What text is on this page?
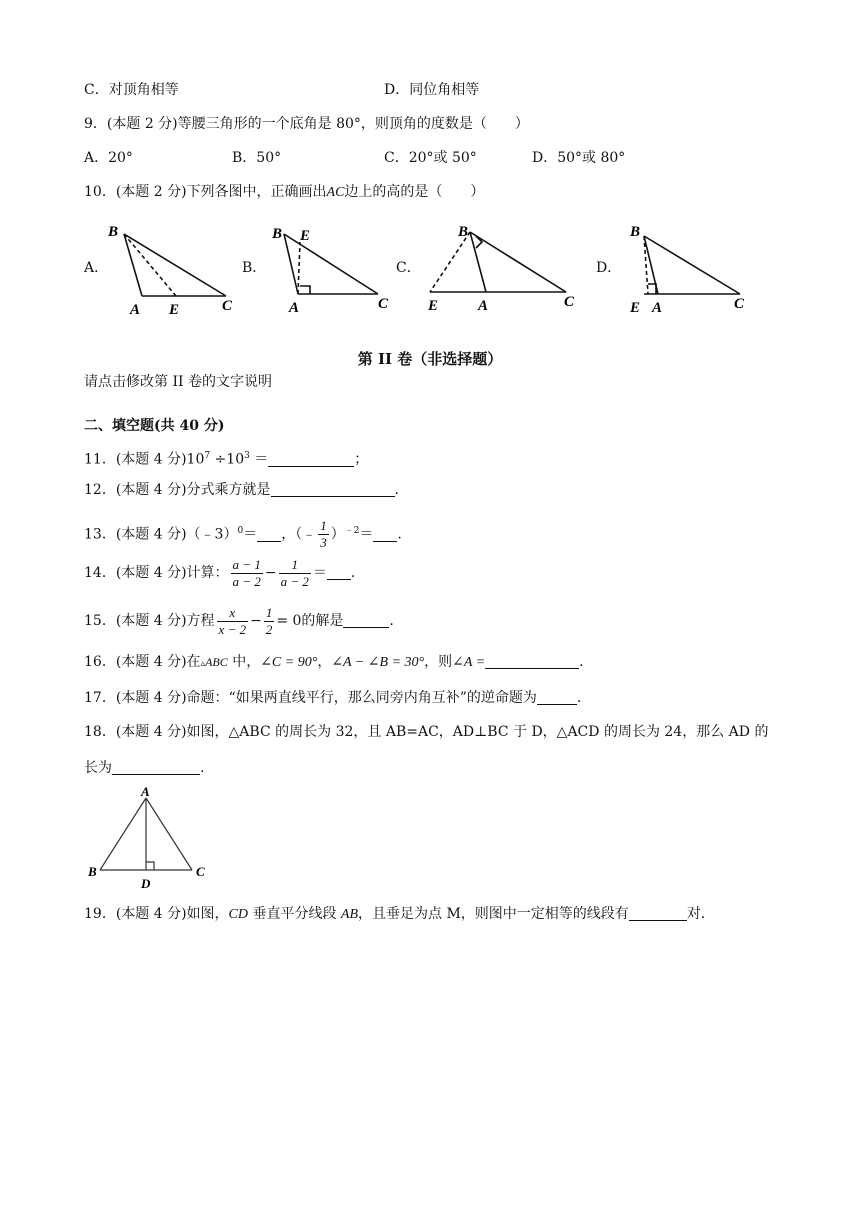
C．对顶角相等	D．同位角相等
9．(本题 2 分)等腰三角形的一个底角是 80°，则顶角的度数是（　　）
A．20°	B．50°	C．20°或 50°	D．50°或 80°
10．(本题 2 分)下列各图中，正确画出AC边上的高的是（　　）
A．	B．	C．	D．
B
A E	C
B E
A	C
B
E	A	C
B
E A	C
第 II 卷（非选择题）
请点击修改第 II 卷的文字说明
二、填空题(共 40 分)
11．(本题 4 分)$10^7 \div 10^3$ ＝	；
12．(本题 4 分)分式乘方就是	.
13．(本题 4 分)（﹣3）$^0$＝ ，（﹣ $\frac{1}{3} )^{﹣2}=$ .
14．(本题 4 分)计算： $\frac{a - 1}{a - 2} - \frac{1}{a - 2}$ ＝ .
15．(本题 4 分)方程 $\frac{x}{x - 2} - \frac{1}{2} = 0$的解是	.
16．(本题 4 分)在▵ABC 中，∠C = 90°，∠A − ∠B = 30°，则∠A =	.
17．(本题 4 分)命题：“如果两直线平行，那么同旁内角互补”的逆命题为	.
18．(本题 4 分)如图，△ABC 的周长为 32，且 AB=AC，AD⊥BC 于 D，△ACD 的周长为 24，那么 AD 的
长为	.
A
B	C
D
19．(本题 4 分)如图，CD 垂直平分线段 AB，且垂足为点 M，则图中一定相等的线段有	对.
